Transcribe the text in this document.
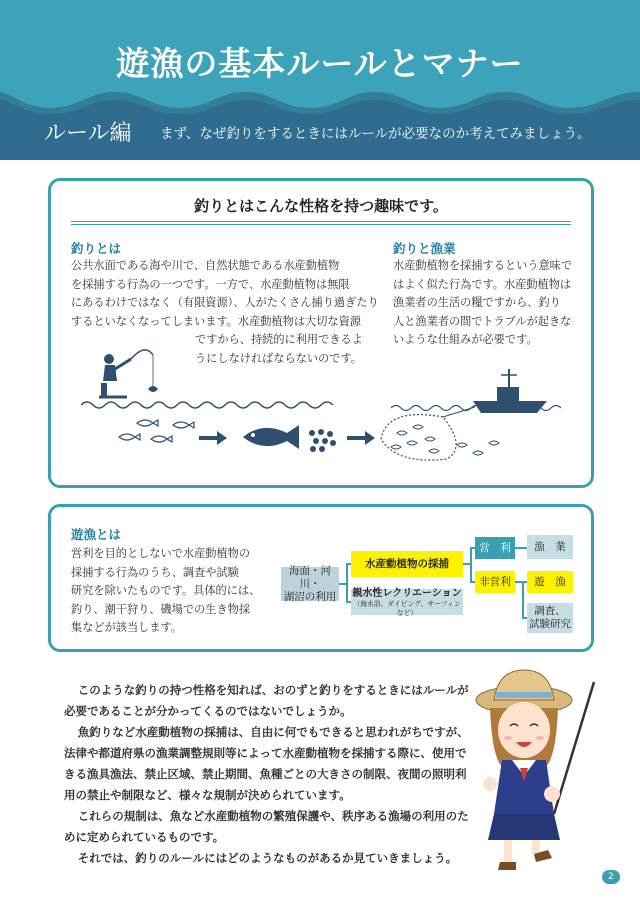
遊漁の基本ルールとマナー
ルール編 まず、なぜ釣りをするときにはルールが必要なのか考えてみましょう。
釣りとはこんな性格を持つ趣味です。
釣りとは
公共水面である海や川で、自然状態である水産動植物
を採捕する行為の一つです。一方で、水産動植物は無限
にあるわけではなく（有限資源）、人がたくさん捕り過ぎたり
するといなくなってしまいます。水産動植物は大切な資源
ですから、持続的に利用できるよ
うにしなければならないのです。
釣りと漁業
水産動植物を採捕するという意味で
はよく似た行為です。水産動植物は
漁業者の生活の糧ですから、釣り
人と漁業者の間でトラブルが起きな
いような仕組みが必要です。
遊漁とは
営利を目的としないで水産動植物の
採捕する行為のうち、調査や試験
研究を除いたものです。具体的には、
釣り、潮干狩り、磯場での生き物採
集などが該当します。
海面・河川・
湖沼の利用
水産動植物の採捕
親水性レクリエーション
（海水浴、ダイビング、サーフィンなど）
営　利
非営利
漁　業
遊　漁
調査、
試験研究

このような釣りの持つ性格を知れば、おのずと釣りをするときにはルールが必要であることが分かってくるのではないでしょうか。

魚釣りなど水産動植物の採捕は、自由に何でもできると思われがちですが、法律や都道府県の漁業調整規則等によって水産動植物を採捕する際に、使用できる漁具漁法、禁止区域、禁止期間、魚種ごとの大きさの制限、夜間の照明利用の禁止や制限など、様々な規制が決められています。

これらの規制は、魚など水産動植物の繁殖保護や、秩序ある漁場の利用のために定められているものです。

それでは、釣りのルールにはどのようなものがあるか見ていきましょう。

2
